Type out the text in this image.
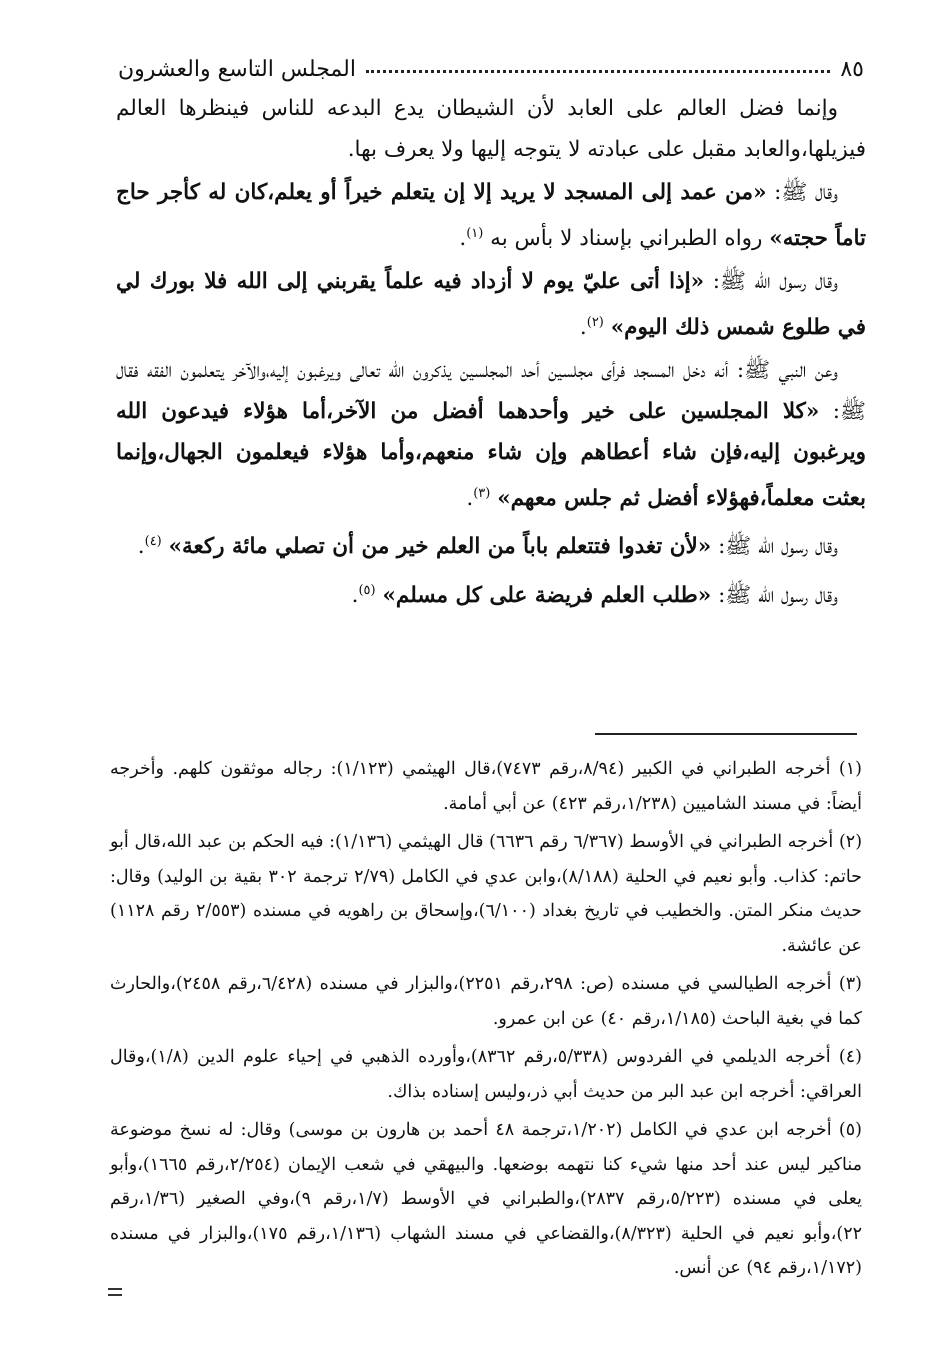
المجلس التاسع والعشرون	٨٥

وإنما فضل العالم على العابد لأن الشيطان يدع البدعه للناس فينظرها العالم فيزيلها،والعابد مقبل على عبادته لا يتوجه إليها ولا يعرف بها.

وقال ﷺ: «من عمد إلى المسجد لا يريد إلا إن يتعلم خيراً أو يعلم،كان له كأجر حاج تاماً حجته» رواه الطبراني بإسناد لا بأس به $^{(١)}$.

وقال رسول الله ﷺ: «إذا أتى عليّ يوم لا أزداد فيه علماً يقربني إلى الله فلا بورك لي في طلوع شمس ذلك اليوم» $^{(٢)}$.

وعن النبي ﷺ: أنه دخل المسجد فرأى مجلسين أحد المجلسين يذكرون الله تعالى ويرغبون إليه،والآخر يتعلمون الفقه فقال ﷺ: «كلا المجلسين على خير وأحدهما أفضل من الآخر،أما هؤلاء فيدعون الله ويرغبون إليه،فإن شاء أعطاهم وإن شاء منعهم،وأما هؤلاء فيعلمون الجهال،وإنما بعثت معلماً،فهؤلاء أفضل ثم جلس معهم» $^{(٣)}$.

وقال رسول الله ﷺ: «لأن تغدوا فتتعلم باباً من العلم خير من أن تصلي مائة ركعة» $^{(٤)}$.

وقال رسول الله ﷺ: «طلب العلم فريضة على كل مسلم» $^{(٥)}$.

(١) أخرجه الطبراني في الكبير (٨/٩٤،رقم ٧٤٧٣)،قال الهيثمي (١/١٢٣): رجاله موثقون كلهم. وأخرجه أيضاً: في مسند الشاميين (١/٢٣٨،رقم ٤٢٣) عن أبي أمامة.

(٢) أخرجه الطبراني في الأوسط (٦/٣٦٧ رقم ٦٦٣٦) قال الهيثمي (١/١٣٦): فيه الحكم بن عبد الله،قال أبو حاتم: كذاب. وأبو نعيم في الحلية (٨/١٨٨)،وابن عدي في الكامل (٢/٧٩ ترجمة ٣٠٢ بقية بن الوليد) وقال: حديث منكر المتن. والخطيب في تاريخ بغداد (٦/١٠٠)،وإسحاق بن راهويه في مسنده (٢/٥٥٣ رقم ١١٢٨) عن عائشة.

(٣) أخرجه الطيالسي في مسنده (ص: ٢٩٨،رقم ٢٢٥١)،والبزار في مسنده (٦/٤٢٨،رقم ٢٤٥٨)،والحارث كما في بغية الباحث (١/١٨٥،رقم ٤٠) عن ابن عمرو.

(٤) أخرجه الديلمي في الفردوس (٥/٣٣٨،رقم ٨٣٦٢)،وأورده الذهبي في إحياء علوم الدين (١/٨)،وقال العراقي: أخرجه ابن عبد البر من حديث أبي ذر،وليس إسناده بذاك.

(٥) أخرجه ابن عدي في الكامل (١/٢٠٢،ترجمة ٤٨ أحمد بن هارون بن موسى) وقال: له نسخ موضوعة مناكير ليس عند أحد منها شيء كنا نتهمه بوضعها. والبيهقي في شعب الإيمان (٢/٢٥٤،رقم ١٦٦٥)،وأبو يعلى في مسنده (٥/٢٢٣،رقم ٢٨٣٧)،والطبراني في الأوسط (١/٧،رقم ٩)،وفي الصغير (١/٣٦،رقم ٢٢)،وأبو نعيم في الحلية (٨/٣٢٣)،والقضاعي في مسند الشهاب (١/١٣٦،رقم ١٧٥)،والبزار في مسنده (١/١٧٢،رقم ٩٤) عن أنس.
